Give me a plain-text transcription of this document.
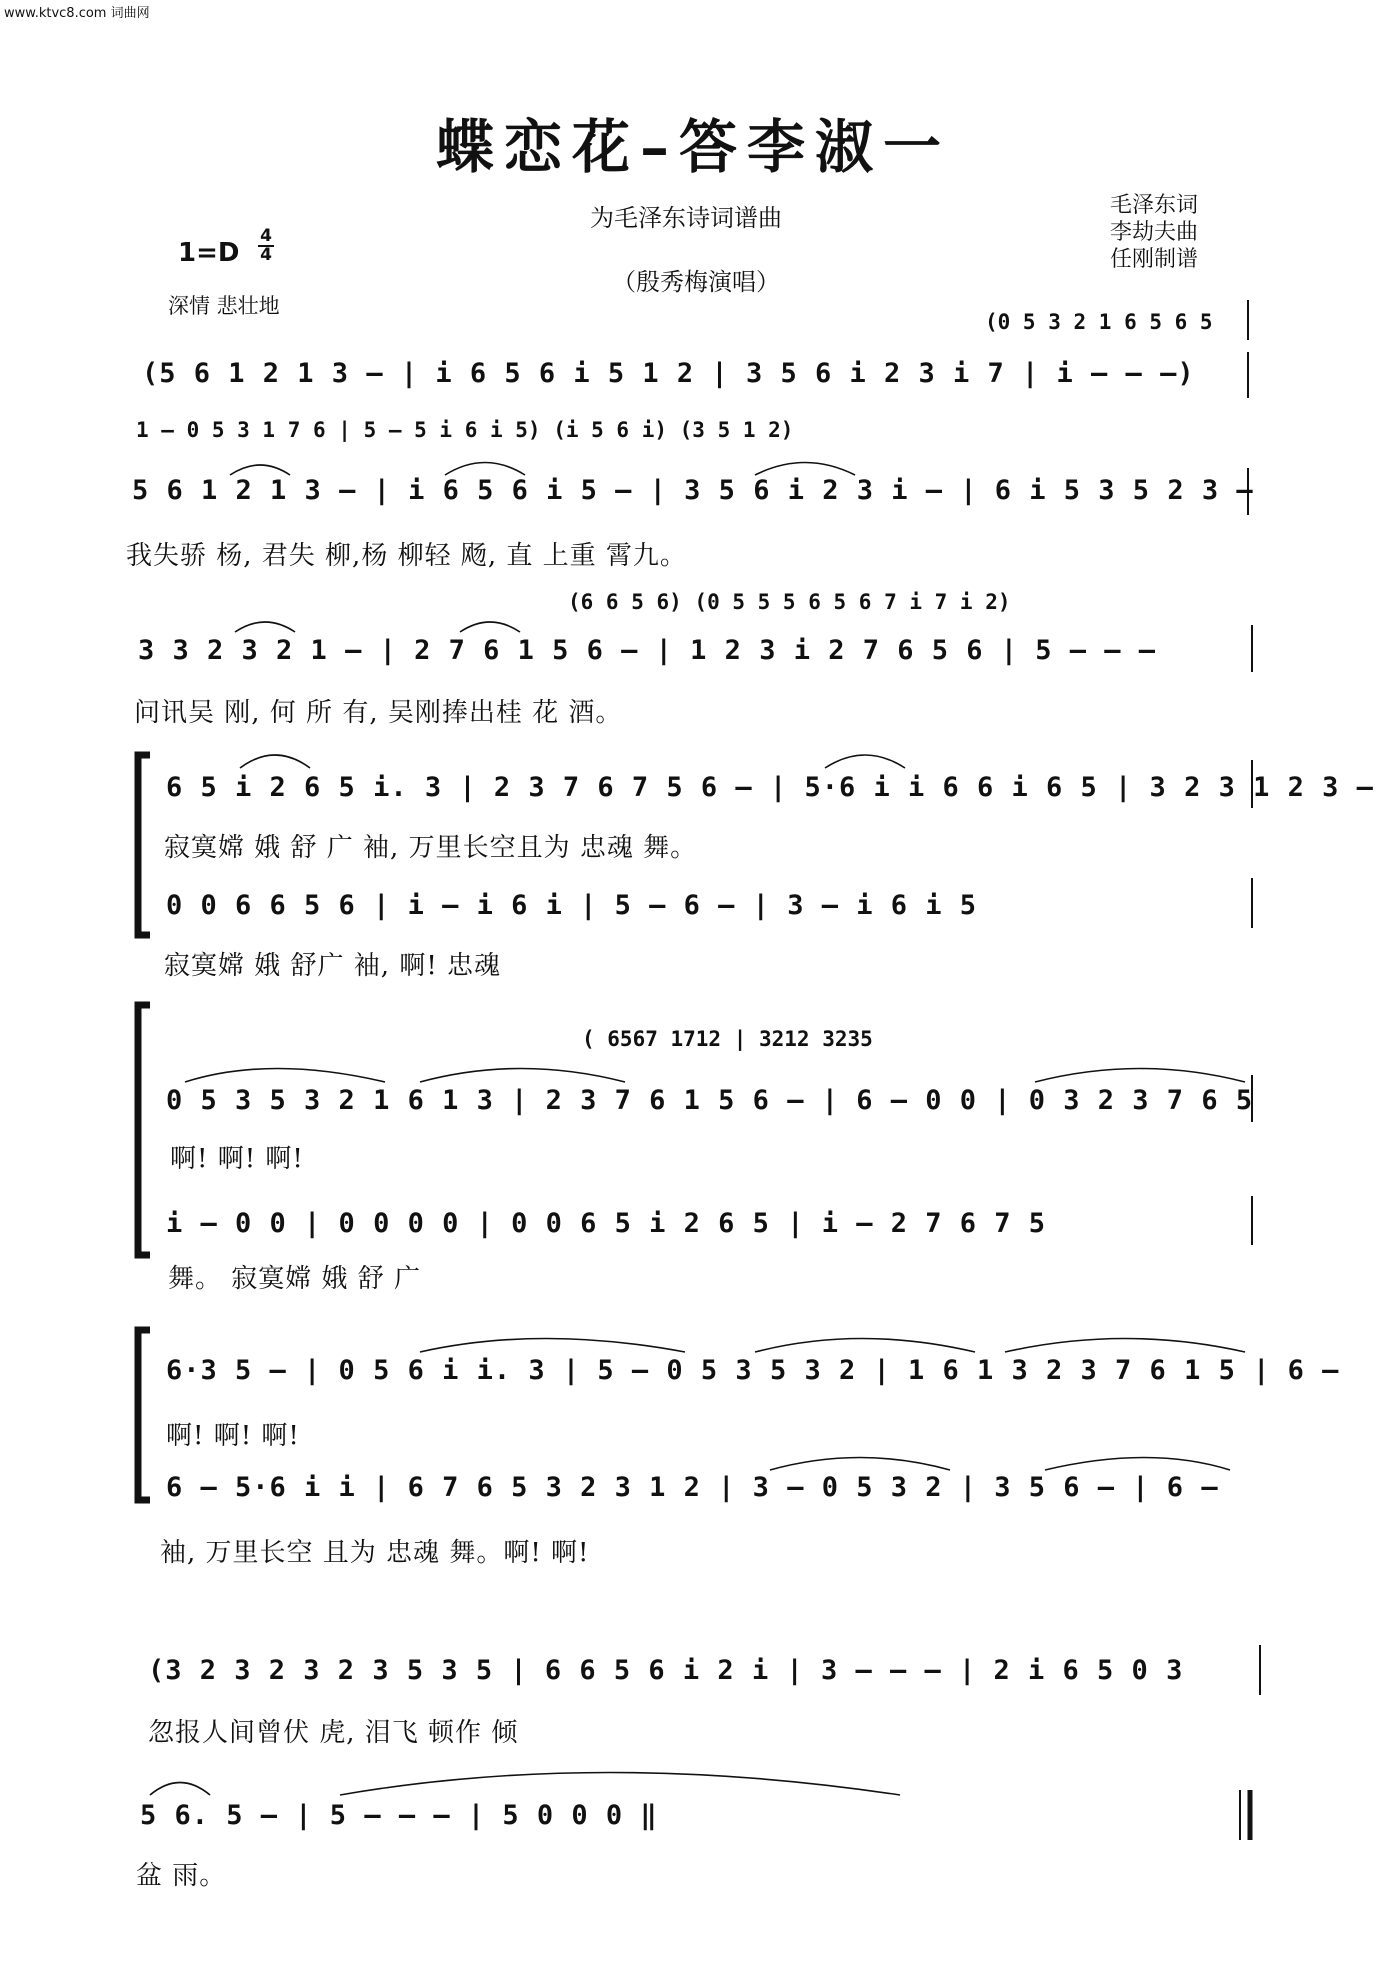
www.ktvc8.com 词曲网
蝶恋花–答李淑一
为毛泽东诗词谱曲
（殷秀梅演唱）
毛泽东词
李劫夫曲
任刚制谱
1=D
4
4
深情 悲壮地
(0 5 3 2 1 6 5 6 5
(5 6 1 2 1 3 – | i 6 5 6 i 5 1 2 | 3 5 6 i 2 3 i 7 | i – – –)
1 – 0 5 3 1 7 6 | 5 – 5 i 6 i 5) (i 5 6 i) (3 5 1 2)
5 6 1 2 1 3 – | i 6 5 6 i 5 – | 3 5 6 i 2 3 i – | 6 i 5 3 5 2 3 –
我失骄 杨, 君失 柳,杨 柳轻 飏, 直 上重 霄九。
(6 6 5 6) (0 5 5 5 6 5 6 7 i 7 i 2)
3 3 2 3 2 1 – | 2 7 6 1 5 6 – | 1 2 3 i 2 7 6 5 6 | 5 – – –
问讯吴 刚, 何 所 有, 吴刚捧出桂 花 酒。
6 5 i 2 6 5 i. 3 | 2 3 7 6 7 5 6 – | 5·6 i i 6 6 i 6 5 | 3 2 3 1 2 3 –
寂寞嫦 娥 舒 广 袖, 万里长空且为 忠魂 舞。
0 0 6 6 5 6 | i – i 6 i | 5 – 6 – | 3 – i 6 i 5
寂寞嫦 娥 舒广 袖, 啊! 忠魂
( 6567 1712 | 3212 3235
0 5 3 5 3 2 1 6 1 3 | 2 3 7 6 1 5 6 – | 6 – 0 0 | 0 3 2 3 7 6 5
啊! 啊! 啊!
i – 0 0 | 0 0 0 0 | 0 0 6 5 i 2 6 5 | i – 2 7 6 7 5
舞。 寂寞嫦 娥 舒 广
6·3 5 – | 0 5 6 i i. 3 | 5 – 0 5 3 5 3 2 | 1 6 1 3 2 3 7 6 1 5 | 6 –
啊! 啊! 啊!
6 – 5·6 i i | 6 7 6 5 3 2 3 1 2 | 3 – 0 5 3 2 | 3 5 6 – | 6 –
袖, 万里长空 且为 忠魂 舞。啊! 啊!
(3 2 3 2 3 2 3 5 3 5 | 6 6 5 6 i 2 i | 3 – – – | 2 i 6 5 0 3
忽报人间曾伏 虎, 泪飞 顿作 倾
5 6. 5 – | 5 – – – | 5 0 0 0 ‖
盆 雨。
